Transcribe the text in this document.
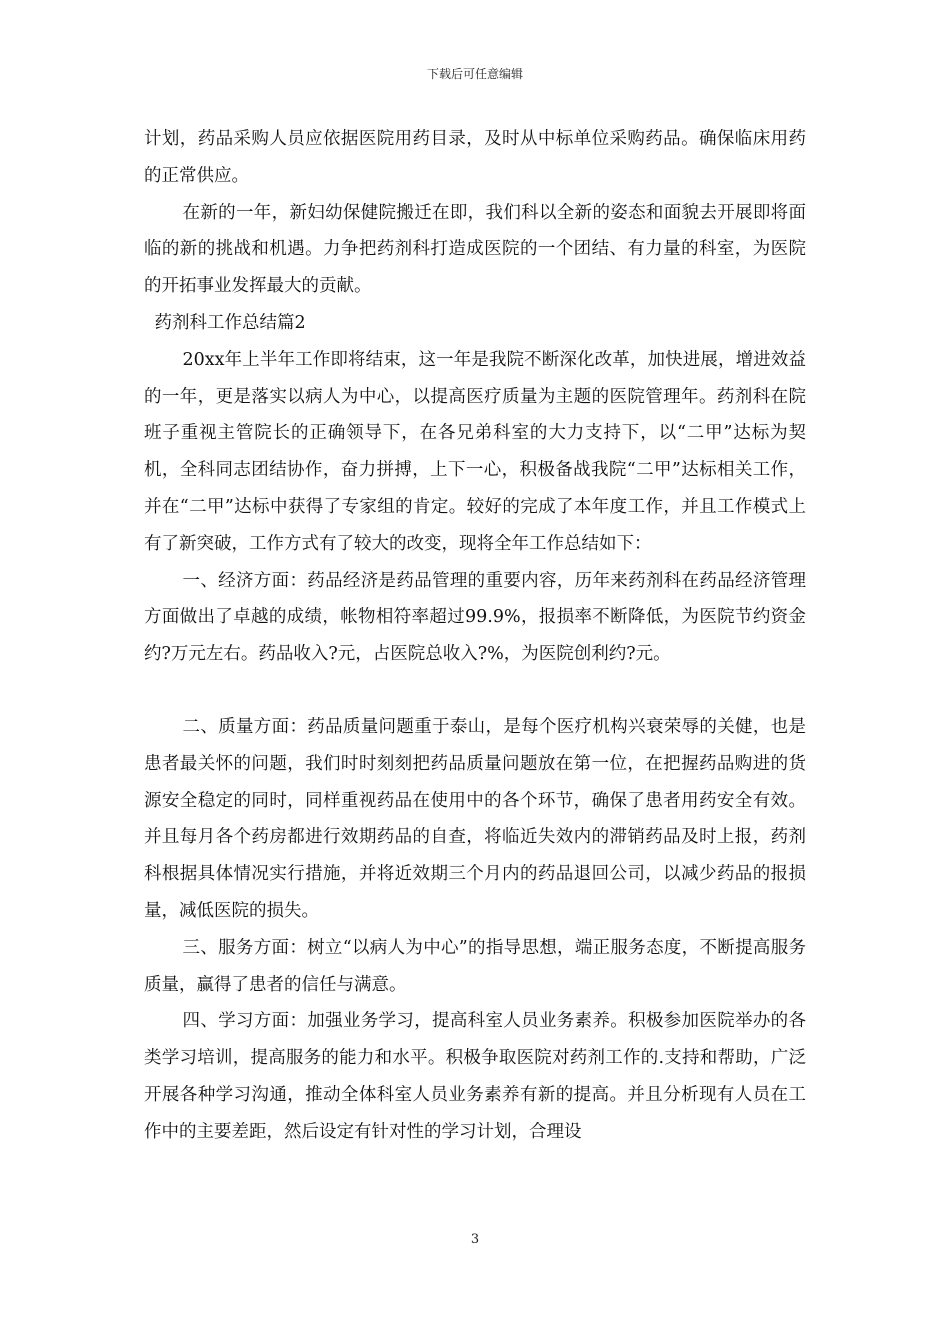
下载后可任意编辑

计划，药品采购人员应依据医院用药目录，及时从中标单位采购药品。确保临床用药的正常供应。

在新的一年，新妇幼保健院搬迁在即，我们科以全新的姿态和面貌去开展即将面临的新的挑战和机遇。力争把药剂科打造成医院的一个团结、有力量的科室，为医院的开拓事业发挥最大的贡献。

药剂科工作总结篇2

20xx年上半年工作即将结束，这一年是我院不断深化改革，加快进展，增进效益的一年，更是落实以病人为中心，以提高医疗质量为主题的医院管理年。药剂科在院班子重视主管院长的正确领导下，在各兄弟科室的大力支持下，以“二甲”达标为契机，全科同志团结协作，奋力拼搏，上下一心，积极备战我院“二甲”达标相关工作，并在“二甲”达标中获得了专家组的肯定。较好的完成了本年度工作，并且工作模式上有了新突破，工作方式有了较大的改变，现将全年工作总结如下：

一、经济方面：药品经济是药品管理的重要内容，历年来药剂科在药品经济管理方面做出了卓越的成绩，帐物相符率超过99.9%，报损率不断降低，为医院节约资金约?万元左右。药品收入?元，占医院总收入?%，为医院创利约?元。

二、质量方面：药品质量问题重于泰山，是每个医疗机构兴衰荣辱的关健，也是患者最关怀的问题，我们时时刻刻把药品质量问题放在第一位，在把握药品购进的货源安全稳定的同时，同样重视药品在使用中的各个环节，确保了患者用药安全有效。并且每月各个药房都进行效期药品的自查，将临近失效内的滞销药品及时上报，药剂科根据具体情况实行措施，并将近效期三个月内的药品退回公司，以减少药品的报损量，减低医院的损失。

三、服务方面：树立“以病人为中心”的指导思想，端正服务态度，不断提高服务质量，赢得了患者的信任与满意。

四、学习方面：加强业务学习，提高科室人员业务素养。积极参加医院举办的各类学习培训，提高服务的能力和水平。积极争取医院对药剂工作的.支持和帮助，广泛开展各种学习沟通，推动全体科室人员业务素养有新的提高。并且分析现有人员在工作中的主要差距，然后设定有针对性的学习计划，合理设

3
